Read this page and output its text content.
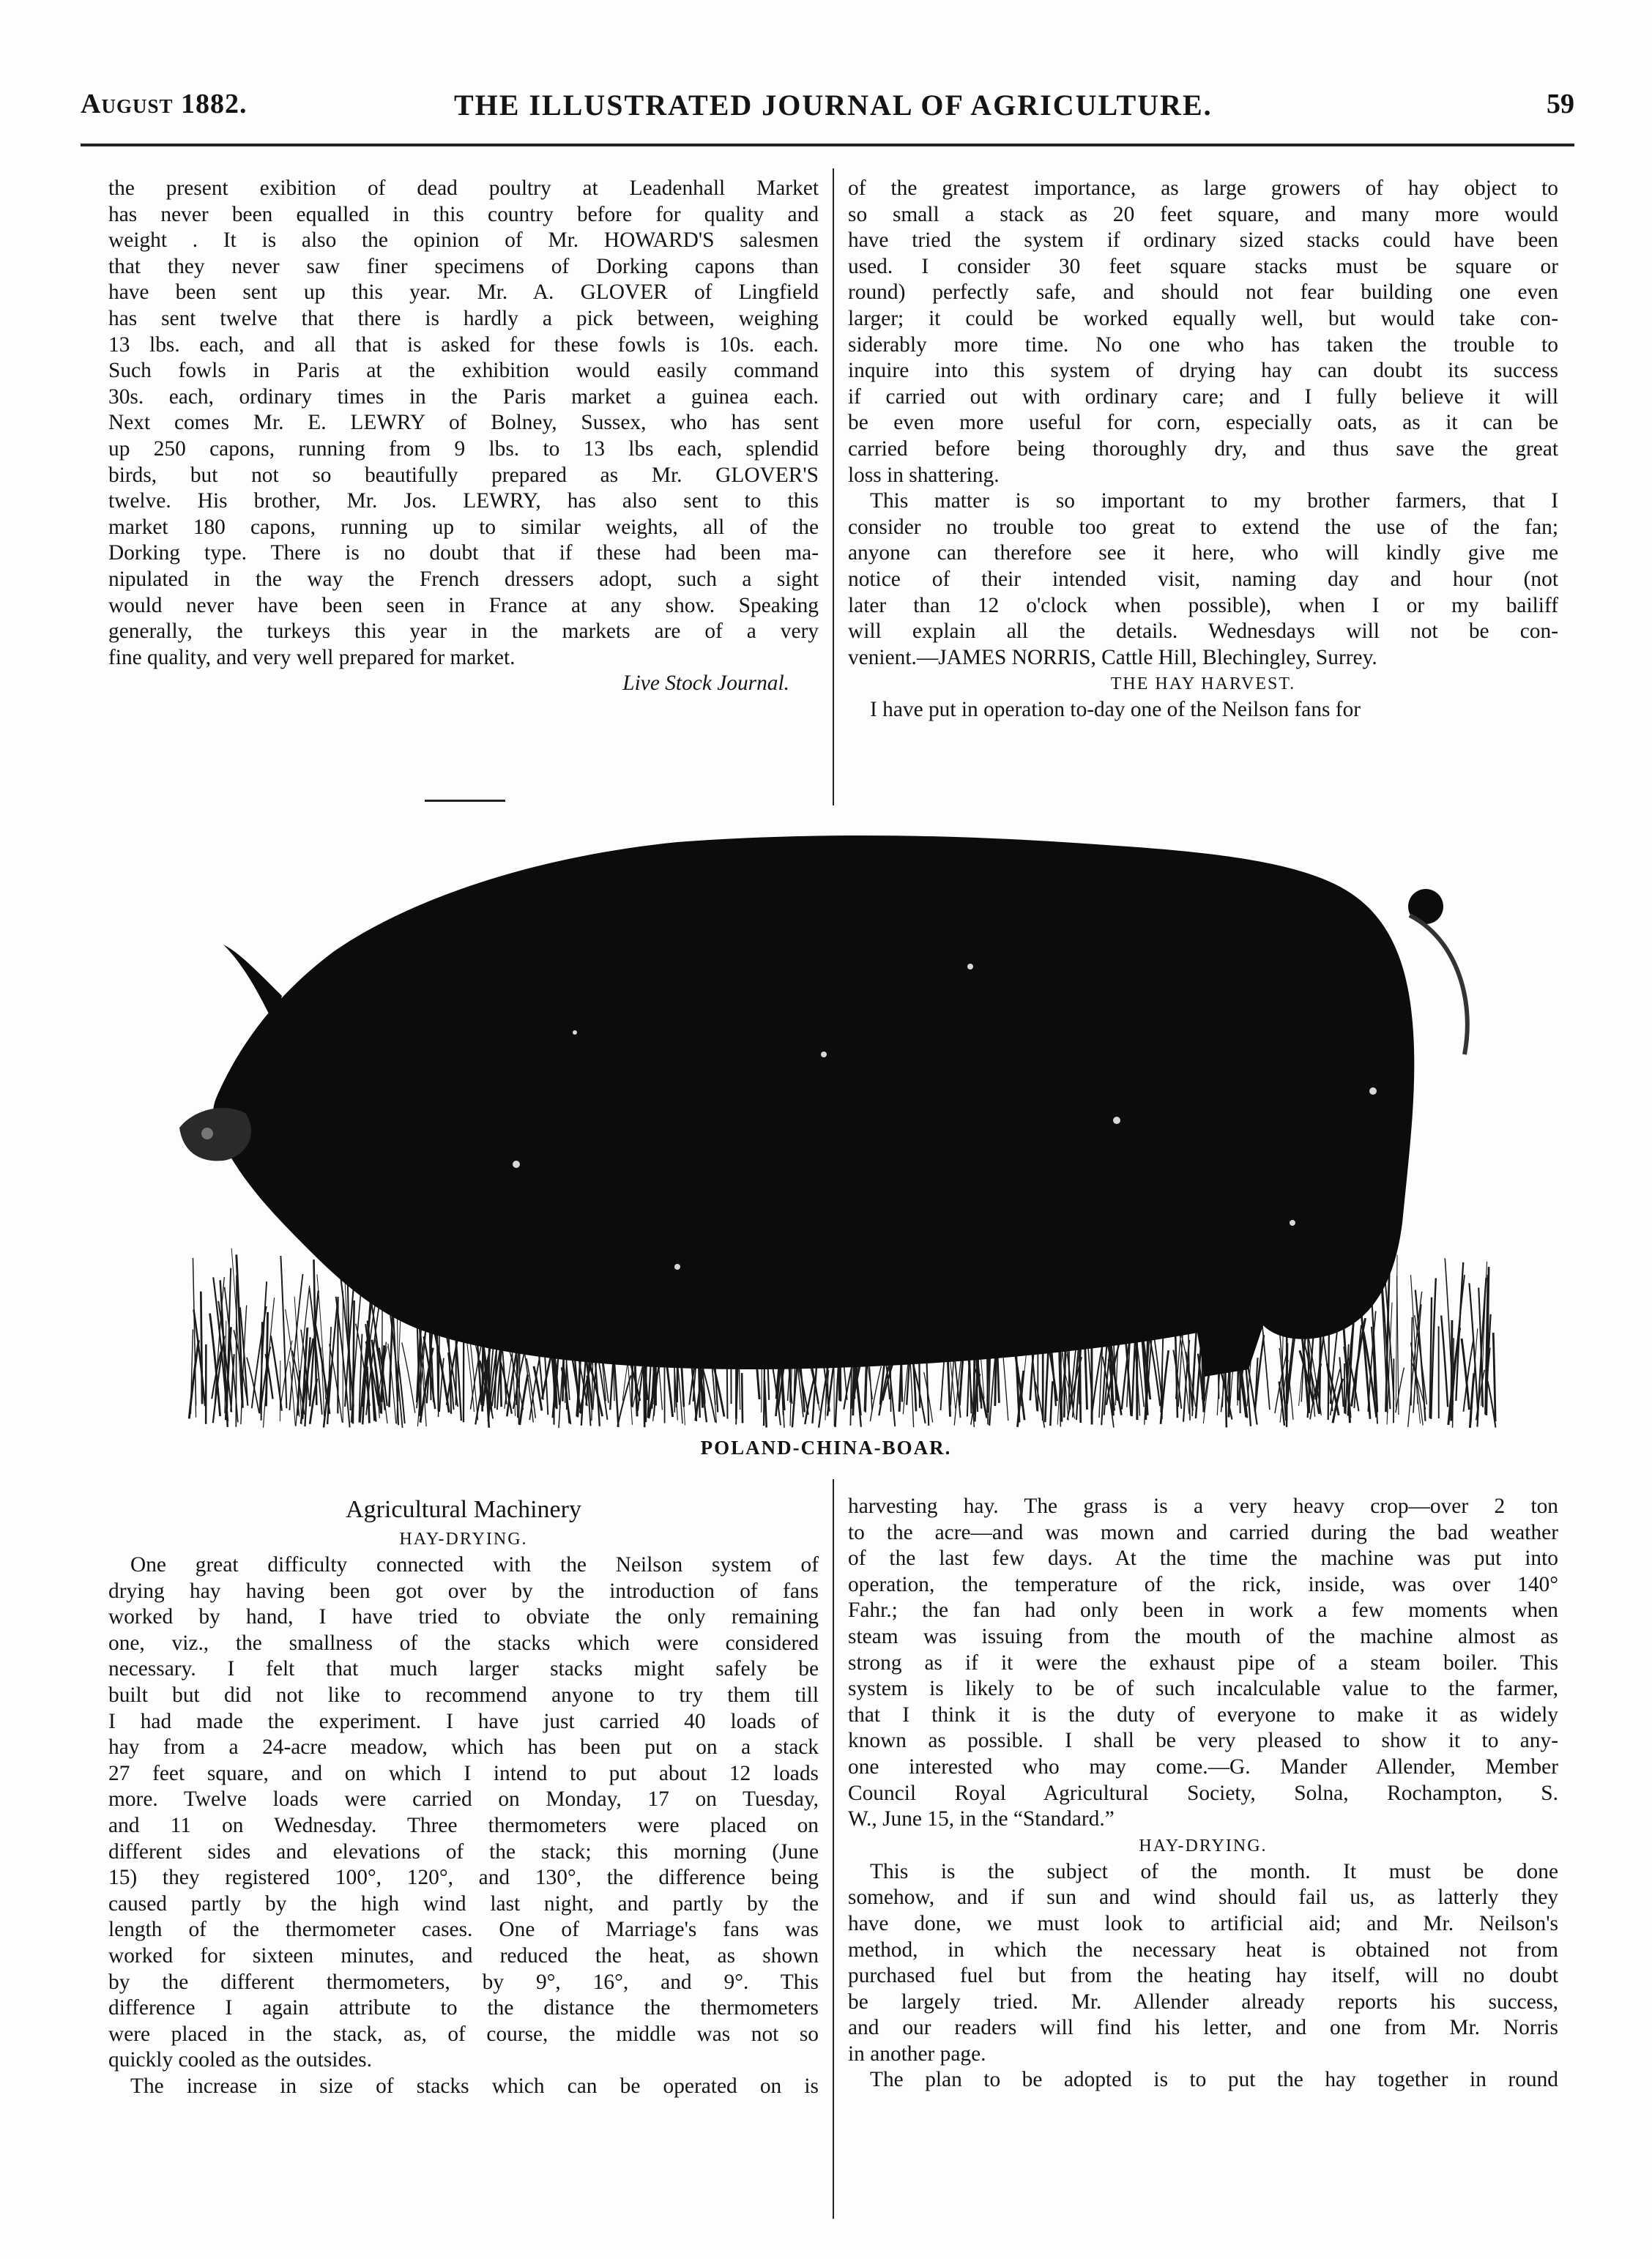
August 1882.	THE ILLUSTRATED JOURNAL OF AGRICULTURE.	59
the present exibition of dead poultry at Leadenhall Market
has never been equalled in this country before for quality and
weight . It is also the opinion of Mr. HOWARD'S salesmen
that they never saw finer specimens of Dorking capons than
have been sent up this year. Mr. A. GLOVER of Lingfield
has sent twelve that there is hardly a pick between, weighing
13 lbs. each, and all that is asked for these fowls is 10s. each.
Such fowls in Paris at the exhibition would easily command
30s. each, ordinary times in the Paris market a guinea each.
Next comes Mr. E. LEWRY of Bolney, Sussex, who has sent
up 250 capons, running from 9 lbs. to 13 lbs each, splendid
birds, but not so beautifully prepared as Mr. GLOVER'S
twelve. His brother, Mr. Jos. LEWRY, has also sent to this
market 180 capons, running up to similar weights, all of the
Dorking type. There is no doubt that if these had been ma-
nipulated in the way the French dressers adopt, such a sight
would never have been seen in France at any show. Speaking
generally, the turkeys this year in the markets are of a very
fine quality, and very well prepared for market.
Live Stock Journal.
of the greatest importance, as large growers of hay object to
so small a stack as 20 feet square, and many more would
have tried the system if ordinary sized stacks could have been
used. I consider 30 feet square stacks must be square or
round) perfectly safe, and should not fear building one even
larger; it could be worked equally well, but would take con-
siderably more time. No one who has taken the trouble to
inquire into this system of drying hay can doubt its success
if carried out with ordinary care; and I fully believe it will
be even more useful for corn, especially oats, as it can be
carried before being thoroughly dry, and thus save the great
loss in shattering.
This matter is so important to my brother farmers, that I
consider no trouble too great to extend the use of the fan;
anyone can therefore see it here, who will kindly give me
notice of their intended visit, naming day and hour (not
later than 12 o'clock when possible), when I or my bailiff
will explain all the details. Wednesdays will not be con-
venient.—JAMES NORRIS, Cattle Hill, Blechingley, Surrey.
THE HAY HARVEST.
I have put in operation to-day one of the Neilson fans for
POLAND-CHINA-BOAR.
Agricultural Machinery
HAY-DRYING.
One great difficulty connected with the Neilson system of
drying hay having been got over by the introduction of fans
worked by hand, I have tried to obviate the only remaining
one, viz., the smallness of the stacks which were considered
necessary. I felt that much larger stacks might safely be
built but did not like to recommend anyone to try them till
I had made the experiment. I have just carried 40 loads of
hay from a 24-acre meadow, which has been put on a stack
27 feet square, and on which I intend to put about 12 loads
more. Twelve loads were carried on Monday, 17 on Tuesday,
and 11 on Wednesday. Three thermometers were placed on
different sides and elevations of the stack; this morning (June
15) they registered 100°, 120°, and 130°, the difference being
caused partly by the high wind last night, and partly by the
length of the thermometer cases. One of Marriage's fans was
worked for sixteen minutes, and reduced the heat, as shown
by the different thermometers, by 9°, 16°, and 9°. This
difference I again attribute to the distance the thermometers
were placed in the stack, as, of course, the middle was not so
quickly cooled as the outsides.
The increase in size of stacks which can be operated on is
harvesting hay. The grass is a very heavy crop—over 2 ton
to the acre—and was mown and carried during the bad weather
of the last few days. At the time the machine was put into
operation, the temperature of the rick, inside, was over 140°
Fahr.; the fan had only been in work a few moments when
steam was issuing from the mouth of the machine almost as
strong as if it were the exhaust pipe of a steam boiler. This
system is likely to be of such incalculable value to the farmer,
that I think it is the duty of everyone to make it as widely
known as possible. I shall be very pleased to show it to any-
one interested who may come.—G. Mander Allender, Member
Council Royal Agricultural Society, Solna, Rochampton, S.
W., June 15, in the “Standard.”
HAY-DRYING.
This is the subject of the month. It must be done
somehow, and if sun and wind should fail us, as latterly they
have done, we must look to artificial aid; and Mr. Neilson's
method, in which the necessary heat is obtained not from
purchased fuel but from the heating hay itself, will no doubt
be largely tried. Mr. Allender already reports his success,
and our readers will find his letter, and one from Mr. Norris
in another page.
The plan to be adopted is to put the hay together in round
